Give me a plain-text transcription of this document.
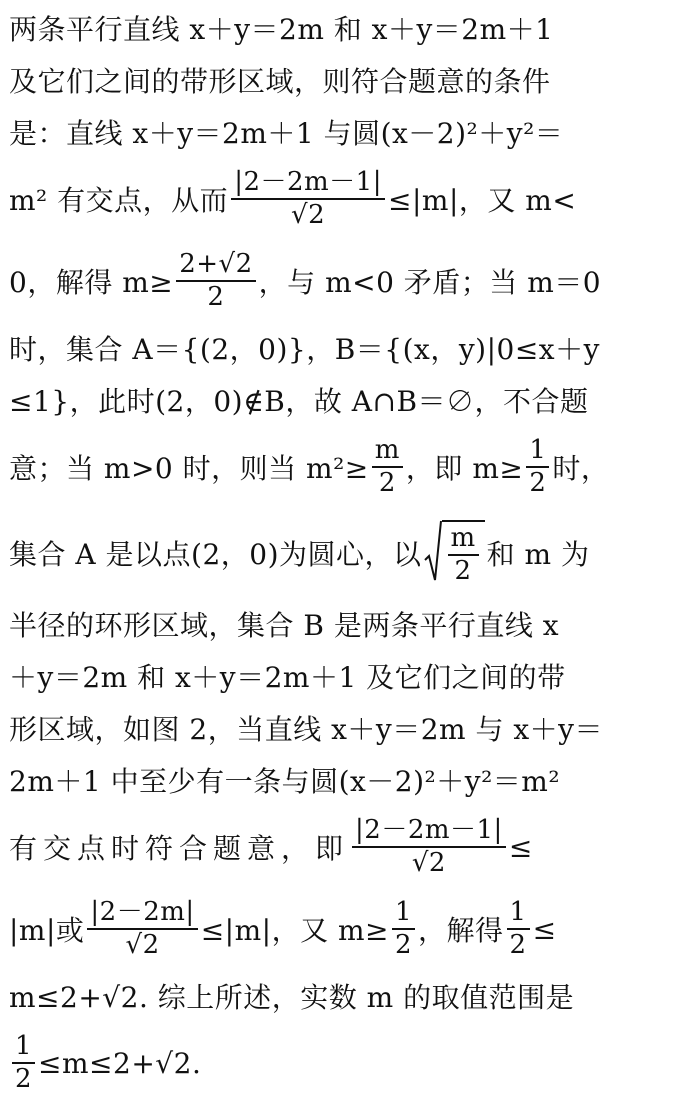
两条平行直线 x＋y＝2m 和 x＋y＝2m＋1
及它们之间的带形区域，则符合题意的条件
是：直线 x＋y＝2m＋1 与圆(x－2)²＋y²＝
m² 有交点，从而 $\frac{|2-2m-1|}{√2} \le|m|$，又 m<
0，解得 $m\ge \frac{2+√2}{2}$ ，与 m<0 矛盾；当 m＝0
时，集合 A＝{(2，0)}，B＝{(x，y)|0≤x＋y
≤1}，此时(2，0)∉B，故 A∩B＝∅，不合题
意；当 m>0 时，则当 $m^2\ge \frac{m}{2}$ ，即 $m\ge \frac{1}{2}$ 时，
集合 A 是以点(2，0)为圆心，以 $\frac{m}{2}$ 和 m 为
半径的环形区域，集合 B 是两条平行直线 x
＋y＝2m 和 x＋y＝2m＋1 及它们之间的带
形区域，如图 2，当直线 x＋y＝2m 与 x＋y＝
2m＋1 中至少有一条与圆(x－2)²＋y²＝m²
有交点时符合题意，即 $\frac{|2-2m-1|}{√2}$ ≤
|m|或 $\frac{|2-2m|}{√2} \le|m|$，又 $m\ge \frac{1}{2}$ ，解得 $\frac{1}{2}$ ≤
m≤2+√2. 综上所述，实数 m 的取值范围是
$\frac{1}{2} \le m\le 2+√2$.
